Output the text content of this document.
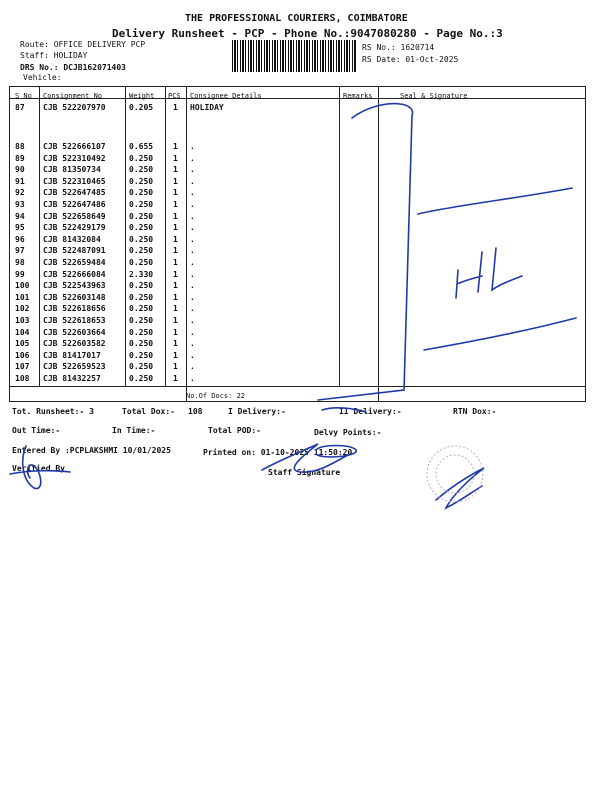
THE PROFESSIONAL COURIERS, COIMBATORE
Delivery Runsheet - PCP - Phone No.:9047080280 - Page No.:3
Route: OFFICE DELIVERY PCP
Staff: HOLIDAY
DRS No.: DCJB162071403
Vehicle:
RS No.: 1620714
RS Date: 01-Oct-2025
S No Consignment No	Weight PCS Consignee Details	Remarks	Seal & Signature
87 CJB 522207970	0.205 1 HOLIDAY
88 CJB 522666107	0.655 1 .
89 CJB 522310492	0.250 1 .
90 CJB 81350734	0.250 1 .
91 CJB 522310465	0.250 1 .
92 CJB 522647485	0.250 1 .
93 CJB 522647486	0.250 1 .
94 CJB 522658649	0.250 1 .
95 CJB 522429179	0.250 1 .
96 CJB 81432084	0.250 1 .
97 CJB 522487091	0.250 1 .
98 CJB 522659484	0.250 1 .
99 CJB 522666084	2.330 1 .
100 CJB 522543963	0.250 1 .
101 CJB 522603148	0.250 1 .
102 CJB 522618656	0.250 1 .
103 CJB 522618653	0.250 1 .
104 CJB 522603664	0.250 1 .
105 CJB 522603582	0.250 1 .
106 CJB 81417017	0.250 1 .
107 CJB 522659523	0.250 1 .
108 CJB 81432257	0.250 1 .
No.Of Docs: 22
Tot. Runsheet:- 3	Total Dox:- 108	I Delivery:-	II Delivery:-	RTN Dox:-
Out Time:-	In Time:-	Total POD:-	Delvy Points:-
Entered By :PCPLAKSHMI 10/01/2025	Printed on: 01-10-2025 11:50:20
Verified By	Staff Signature
